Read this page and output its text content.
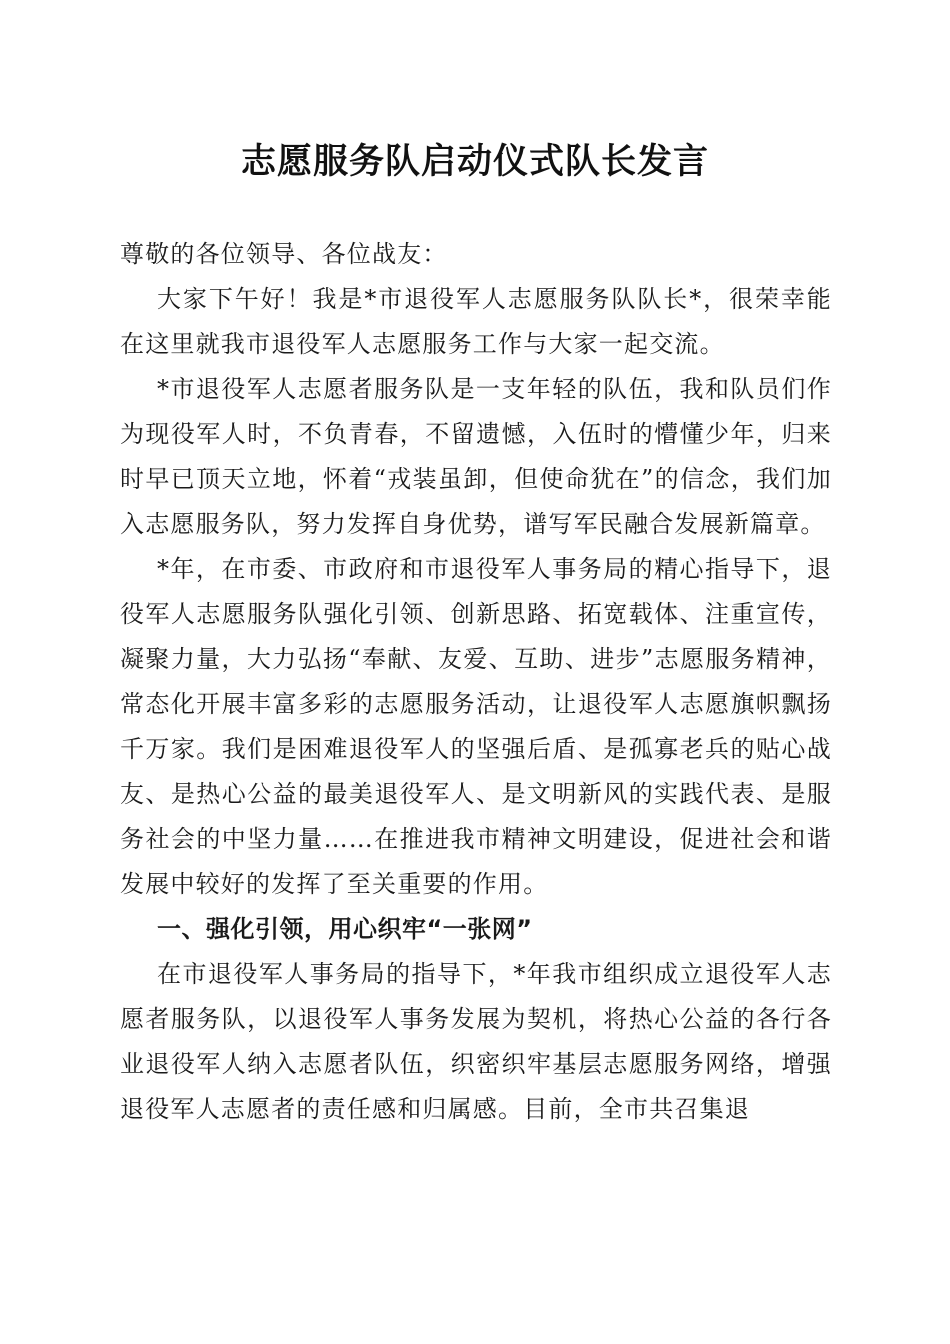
志愿服务队启动仪式队长发言

尊敬的各位领导、各位战友：

大家下午好！我是*市退役军人志愿服务队队长*，很荣幸能在这里就我市退役军人志愿服务工作与大家一起交流。

*市退役军人志愿者服务队是一支年轻的队伍，我和队员们作为现役军人时，不负青春，不留遗憾，入伍时的懵懂少年，归来时早已顶天立地，怀着“戎装虽卸，但使命犹在”的信念，我们加入志愿服务队，努力发挥自身优势，谱写军民融合发展新篇章。

*年，在市委、市政府和市退役军人事务局的精心指导下，退役军人志愿服务队强化引领、创新思路、拓宽载体、注重宣传，凝聚力量，大力弘扬“奉献、友爱、互助、进步”志愿服务精神，常态化开展丰富多彩的志愿服务活动，让退役军人志愿旗帜飘扬千万家。我们是困难退役军人的坚强后盾、是孤寡老兵的贴心战友、是热心公益的最美退役军人、是文明新风的实践代表、是服务社会的中坚力量……在推进我市精神文明建设，促进社会和谐发展中较好的发挥了至关重要的作用。

一、强化引领，用心织牢“一张网”

在市退役军人事务局的指导下，*年我市组织成立退役军人志愿者服务队，以退役军人事务发展为契机，将热心公益的各行各业退役军人纳入志愿者队伍，织密织牢基层志愿服务网络，增强退役军人志愿者的责任感和归属感。目前，全市共召集退
